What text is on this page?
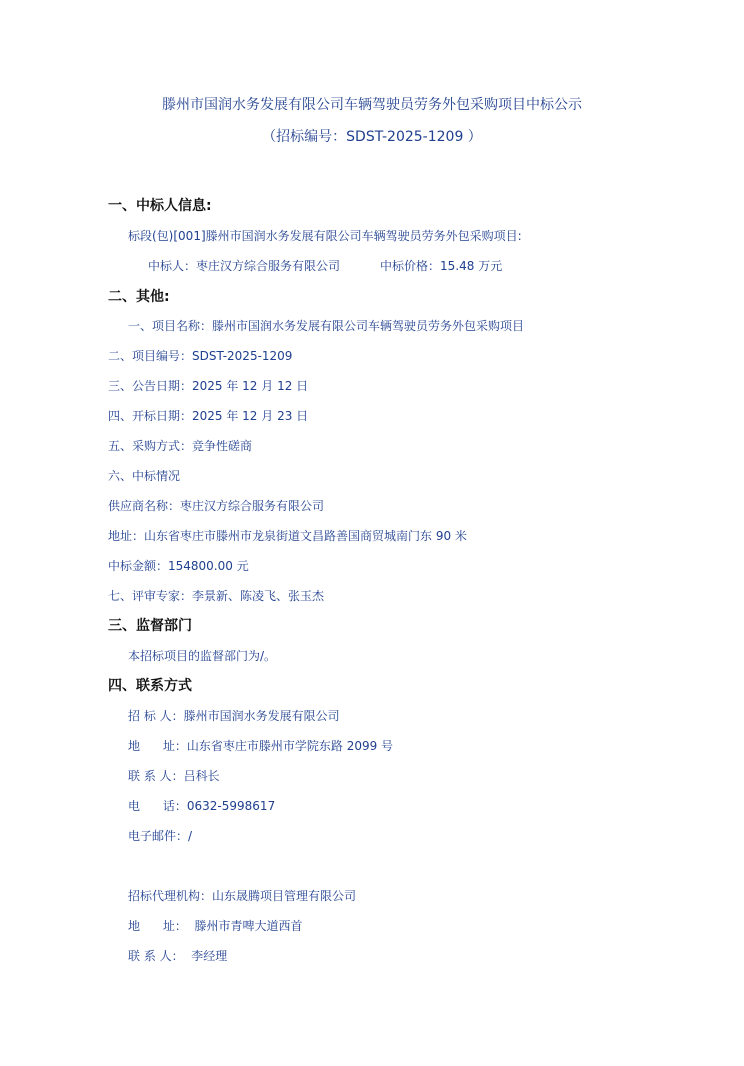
滕州市国润水务发展有限公司车辆驾驶员劳务外包采购项目中标公示
（招标编号：SDST-2025-1209 ）
一、中标人信息:
标段(包)[001]滕州市国润水务发展有限公司车辆驾驶员劳务外包采购项目:
中标人：枣庄汉方综合服务有限公司	中标价格：15.48 万元
二、其他:
一、项目名称：滕州市国润水务发展有限公司车辆驾驶员劳务外包采购项目
二、项目编号：SDST-2025-1209
三、公告日期：2025 年 12 月 12 日
四、开标日期：2025 年 12 月 23 日
五、采购方式：竞争性磋商
六、中标情况
供应商名称：枣庄汉方综合服务有限公司
地址：山东省枣庄市滕州市龙泉街道文昌路善国商贸城南门东 90 米
中标金额：154800.00 元
七、评审专家：李景新、陈凌飞、张玉杰
三、监督部门
本招标项目的监督部门为/。
四、联系方式
招 标 人：滕州市国润水务发展有限公司
地      址：山东省枣庄市滕州市学院东路 2099 号
联 系 人：吕科长
电      话：0632-5998617
电子邮件：/
招标代理机构：山东晟腾项目管理有限公司
地      址：  滕州市青啤大道西首
联 系 人：  李经理
